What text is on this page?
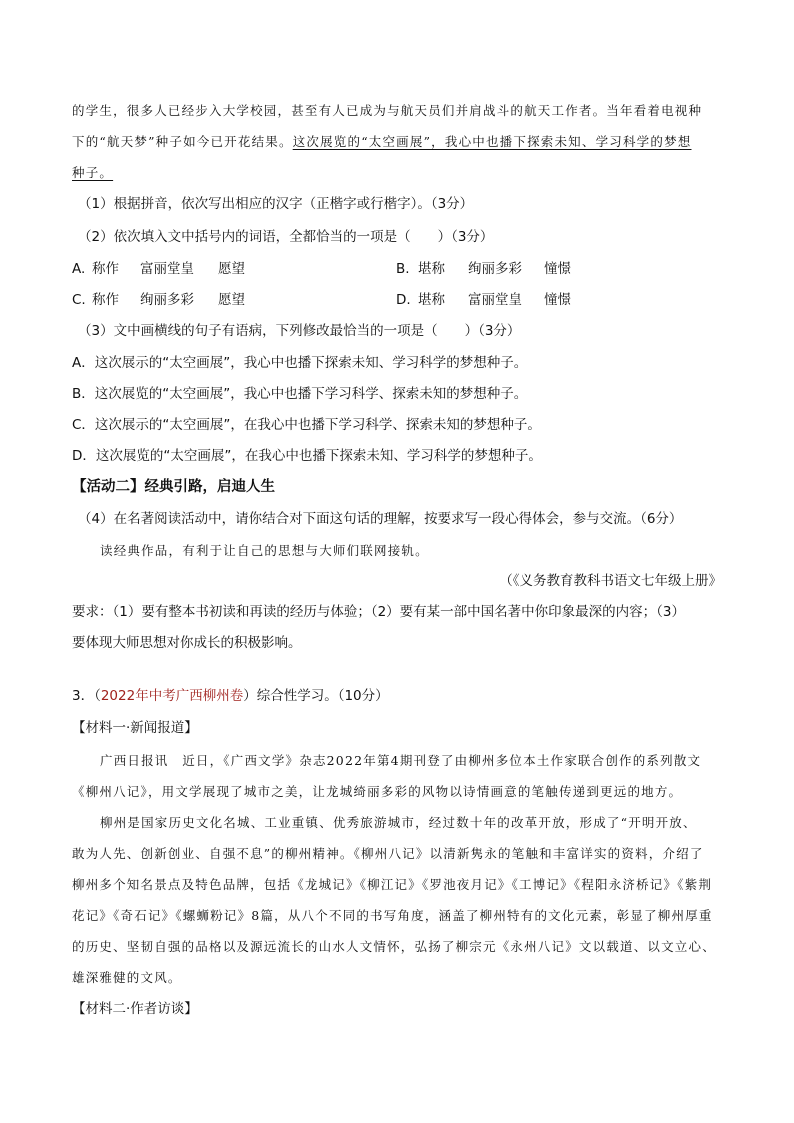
的学生，很多人已经步入大学校园，甚至有人已成为与航天员们并肩战斗的航天工作者。当年看着电视种
下的“航天梦”种子如今已开花结果。这次展览的“太空画展”，我心中也播下探索未知、学习科学的梦想
种子。
（1）根据拼音，依次写出相应的汉字（正楷字或行楷字）。（3分）
（2）依次填入文中括号内的词语，全都恰当的一项是（　　）（3分）
A. 称作 富丽堂皇 愿望	B. 堪称 绚丽多彩 憧憬
C. 称作 绚丽多彩 愿望	D. 堪称 富丽堂皇 憧憬
（3）文中画横线的句子有语病，下列修改最恰当的一项是（　　）（3分）
A．这次展示的“太空画展”，我心中也播下探索未知、学习科学的梦想种子。
B．这次展览的“太空画展”，我心中也播下学习科学、探索未知的梦想种子。
C．这次展示的“太空画展”，在我心中也播下学习科学、探索未知的梦想种子。
D．这次展览的“太空画展”，在我心中也播下探索未知、学习科学的梦想种子。
【活动二】经典引路，启迪人生
（4）在名著阅读活动中，请你结合对下面这句话的理解，按要求写一段心得体会，参与交流。（6分）
读经典作品，有利于让自己的思想与大师们联网接轨。
（《义务教育教科书语文七年级上册》
要求：（1）要有整本书初读和再读的经历与体验；（2）要有某一部中国名著中你印象最深的内容；（3）
要体现大师思想对你成长的积极影响。
3．（2022年中考广西柳州卷）综合性学习。（10分）
【材料一·新闻报道】
广西日报讯　近日，《广西文学》杂志2022年第4期刊登了由柳州多位本土作家联合创作的系列散文
《柳州八记》，用文学展现了城市之美，让龙城绮丽多彩的风物以诗情画意的笔触传递到更远的地方。
柳州是国家历史文化名城、工业重镇、优秀旅游城市，经过数十年的改革开放，形成了“开明开放、
敢为人先、创新创业、自强不息”的柳州精神。《柳州八记》以清新隽永的笔触和丰富详实的资料，介绍了
柳州多个知名景点及特色品牌，包括《龙城记》《柳江记》《罗池夜月记》《工博记》《程阳永济桥记》《紫荆
花记》《奇石记》《螺蛳粉记》8篇，从八个不同的书写角度，涵盖了柳州特有的文化元素，彰显了柳州厚重
的历史、坚韧自强的品格以及源远流长的山水人文情怀，弘扬了柳宗元《永州八记》文以载道、以文立心、
雄深雅健的文风。
【材料二·作者访谈】
